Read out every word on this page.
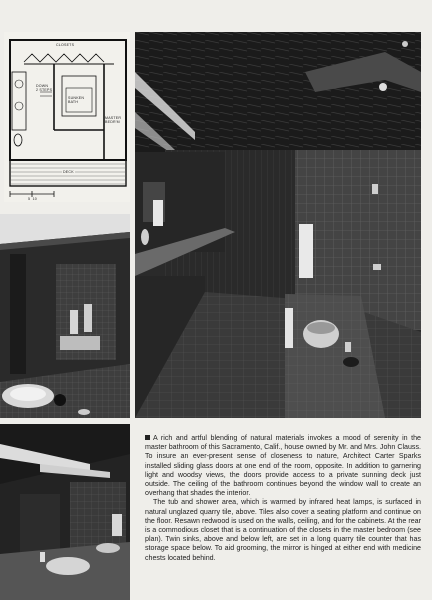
CLOSETS
DOWN
2 STEPS
SUNKEN
BATH
MASTER
BEDR'M
DECK
5  10

A rich and artful blending of natural materials invokes a mood of serenity in the master bathroom of this Sacramento, Calif., house owned by Mr. and Mrs. John Clauss. To insure an ever-present sense of closeness to nature, Architect Carter Sparks installed sliding glass doors at one end of the room, opposite. In addition to garnering light and woodsy views, the doors provide access to a private sunning deck just outside. The ceiling of the bathroom continues beyond the window wall to create an overhang that shades the interior.

The tub and shower area, which is warmed by infrared heat lamps, is surfaced in natural unglazed quarry tile, above. Tiles also cover a seating platform and continue on the floor. Resawn redwood is used on the walls, ceiling, and for the cabinets. At the rear is a commodious closet that is a continuation of the closets in the master bedroom (see plan). Twin sinks, above and below left, are set in a long quarry tile counter that has storage space below. To aid grooming, the mirror is hinged at either end with medicine chests located behind.
